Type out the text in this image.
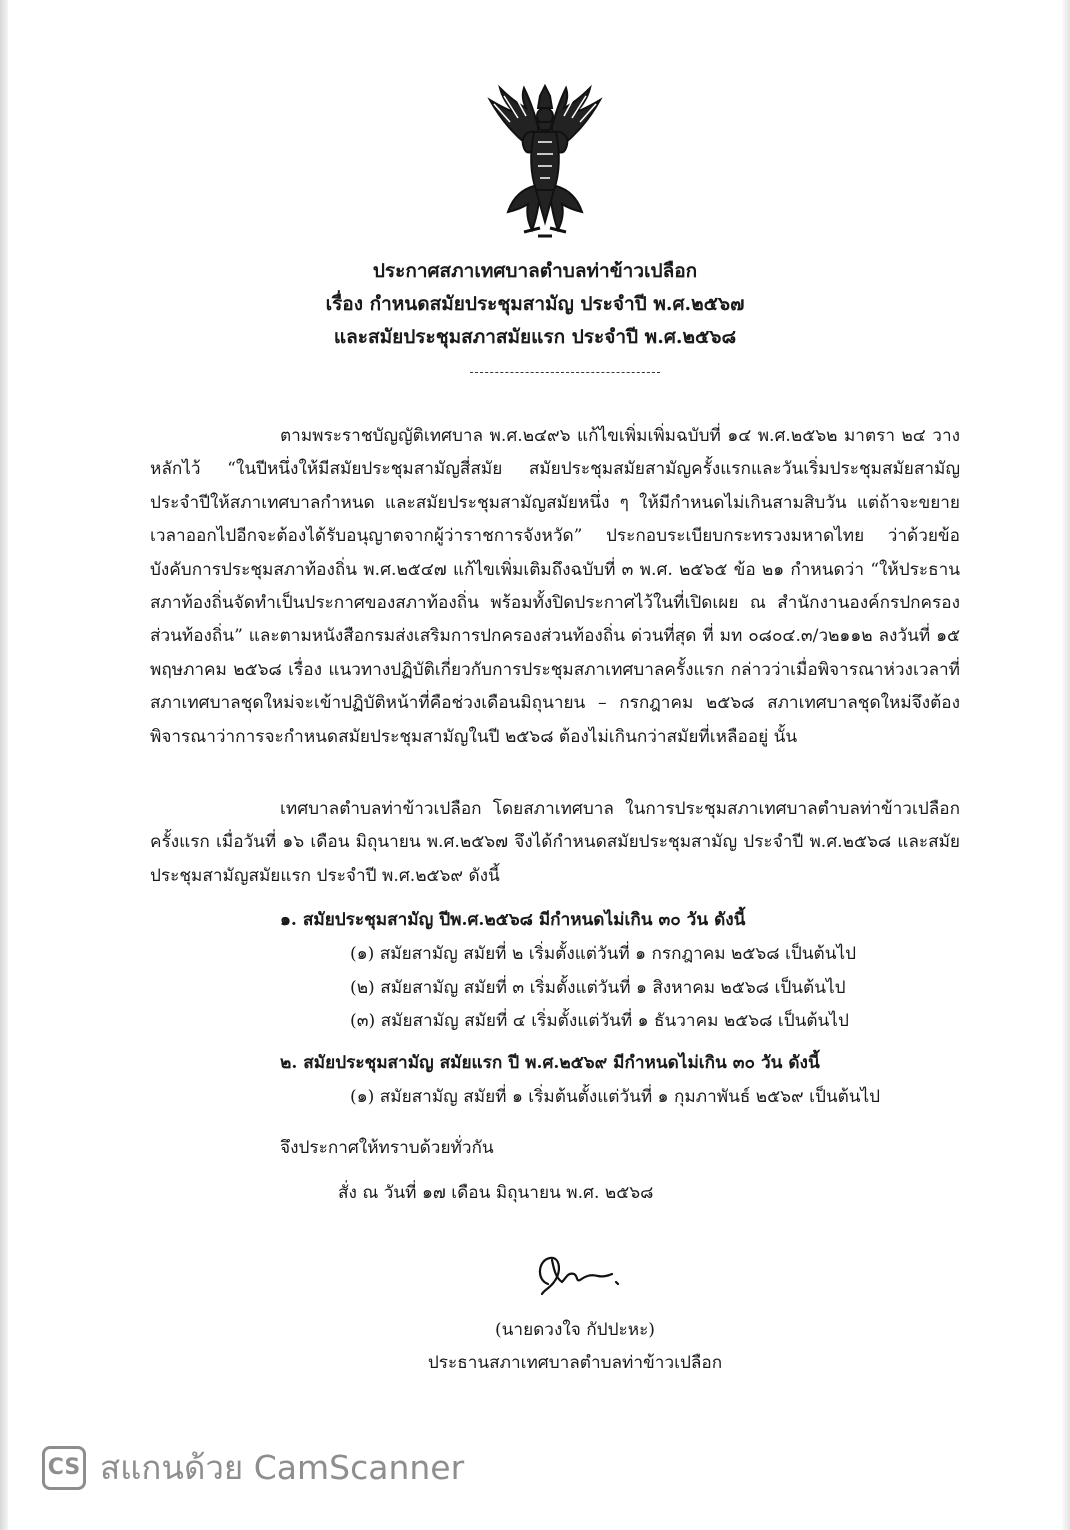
ประกาศสภาเทศบาลตำบลท่าข้าวเปลือก
เรื่อง กำหนดสมัยประชุมสามัญ ประจำปี พ.ศ.๒๕๖๗
และสมัยประชุมสภาสมัยแรก ประจำปี พ.ศ.๒๕๖๘

ตามพระราชบัญญัติเทศบาล พ.ศ.๒๔๙๖ แก้ไขเพิ่มเพิ่มฉบับที่ ๑๔ พ.ศ.๒๕๖๒ มาตรา ๒๔ วางหลักไว้ “ในปีหนึ่งให้มีสมัยประชุมสามัญสี่สมัย สมัยประชุมสมัยสามัญครั้งแรกและวันเริ่มประชุมสมัยสามัญประจำปีให้สภาเทศบาลกำหนด และสมัยประชุมสามัญสมัยหนึ่ง ๆ ให้มีกำหนดไม่เกินสามสิบวัน แต่ถ้าจะขยายเวลาออกไปอีกจะต้องได้รับอนุญาตจากผู้ว่าราชการจังหวัด” ประกอบระเบียบกระทรวงมหาดไทย ว่าด้วยข้อบังคับการประชุมสภาท้องถิ่น พ.ศ.๒๕๔๗ แก้ไขเพิ่มเติมถึงฉบับที่ ๓ พ.ศ. ๒๕๖๕ ข้อ ๒๑ กำหนดว่า “ให้ประธานสภาท้องถิ่นจัดทำเป็นประกาศของสภาท้องถิ่น พร้อมทั้งปิดประกาศไว้ในที่เปิดเผย ณ สำนักงานองค์กรปกครองส่วนท้องถิ่น” และตามหนังสือกรมส่งเสริมการปกครองส่วนท้องถิ่น ด่วนที่สุด ที่ มท ๐๘๐๔.๓/ว๒๑๑๒ ลงวันที่ ๑๕ พฤษภาคม ๒๕๖๘ เรื่อง แนวทางปฏิบัติเกี่ยวกับการประชุมสภาเทศบาลครั้งแรก กล่าวว่าเมื่อพิจารณาห่วงเวลาที่สภาเทศบาลชุดใหม่จะเข้าปฏิบัติหน้าที่คือช่วงเดือนมิถุนายน – กรกฎาคม ๒๕๖๘ สภาเทศบาลชุดใหม่จึงต้องพิจารณาว่าการจะกำหนดสมัยประชุมสามัญในปี ๒๕๖๘ ต้องไม่เกินกว่าสมัยที่เหลืออยู่ นั้น

เทศบาลตำบลท่าข้าวเปลือก โดยสภาเทศบาล ในการประชุมสภาเทศบาลตำบลท่าข้าวเปลือก ครั้งแรก เมื่อวันที่ ๑๖ เดือน มิถุนายน พ.ศ.๒๕๖๗ จึงได้กำหนดสมัยประชุมสามัญ ประจำปี พ.ศ.๒๕๖๘ และสมัยประชุมสามัญสมัยแรก ประจำปี พ.ศ.๒๕๖๙ ดังนี้

๑. สมัยประชุมสามัญ ปีพ.ศ.๒๕๖๘ มีกำหนดไม่เกิน ๓๐ วัน ดังนี้
(๑) สมัยสามัญ สมัยที่ ๒ เริ่มตั้งแต่วันที่ ๑ กรกฎาคม ๒๕๖๘ เป็นต้นไป
(๒) สมัยสามัญ สมัยที่ ๓ เริ่มตั้งแต่วันที่ ๑ สิงหาคม ๒๕๖๘ เป็นต้นไป
(๓) สมัยสามัญ สมัยที่ ๔ เริ่มตั้งแต่วันที่ ๑ ธันวาคม ๒๕๖๘ เป็นต้นไป
๒. สมัยประชุมสามัญ สมัยแรก ปี พ.ศ.๒๕๖๙ มีกำหนดไม่เกิน ๓๐ วัน ดังนี้
(๑) สมัยสามัญ สมัยที่ ๑ เริ่มต้นตั้งแต่วันที่ ๑ กุมภาพันธ์ ๒๕๖๙ เป็นต้นไป
จึงประกาศให้ทราบด้วยทั่วกัน
สั่ง ณ วันที่ ๑๗ เดือน มิถุนายน พ.ศ. ๒๕๖๘
(นายดวงใจ กัปปะหะ)
ประธานสภาเทศบาลตำบลท่าข้าวเปลือก
CS สแกนด้วย CamScanner
